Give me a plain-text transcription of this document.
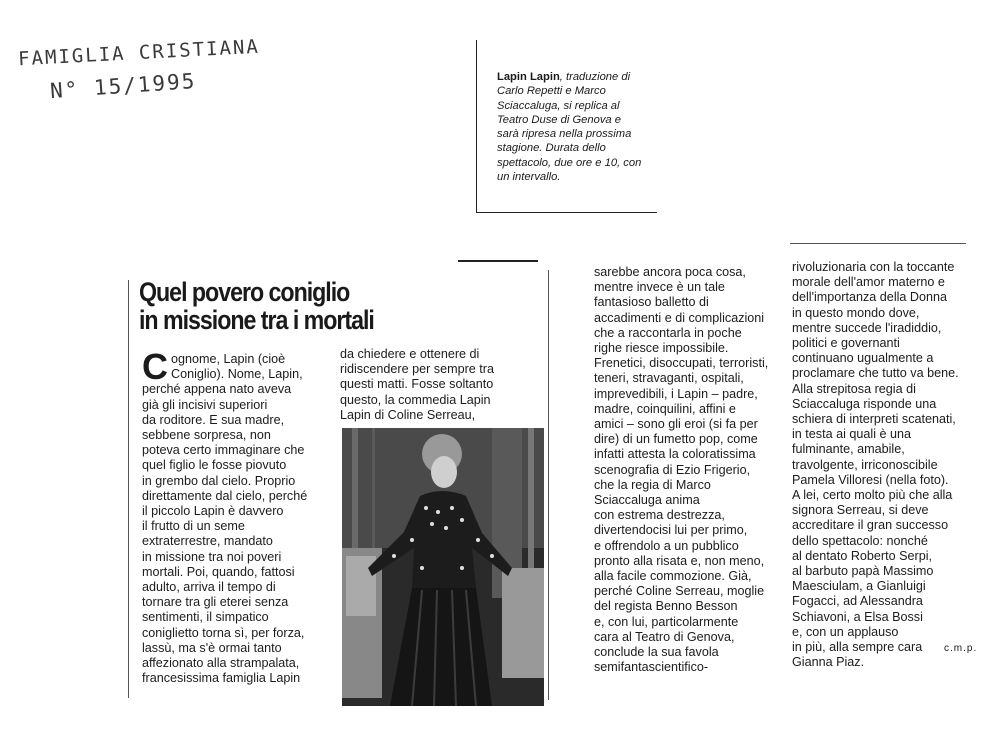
FAMIGLIA CRISTIANA
N° 15/1995	Lapin Lapin, traduzione di Carlo Repetti e Marco Sciaccaluga, si replica al Teatro Duse di Genova e sarà ripresa nella prossima stagione. Durata dello spettacolo, due ore e 10, con un intervallo.
Quel povero coniglio
in missione tra i mortali
C ognome, Lapin (cioè
Coniglio). Nome, Lapin,
perché appena nato aveva
già gli incisivi superiori
da roditore. E sua madre,
sebbene sorpresa, non
poteva certo immaginare che
quel figlio le fosse piovuto
in grembo dal cielo. Proprio
direttamente dal cielo, perché
il piccolo Lapin è davvero
il frutto di un seme
extraterrestre, mandato
in missione tra noi poveri
mortali. Poi, quando, fattosi
adulto, arriva il tempo di
tornare tra gli eterei senza
sentimenti, il simpatico
coniglietto torna sì, per forza,
lassù, ma s'è ormai tanto
affezionato alla strampalata,
francesissima famiglia Lapin
da chiedere e ottenere di
ridiscendere per sempre tra
questi matti. Fosse soltanto
questo, la commedia Lapin
Lapin di Coline Serreau,
sarebbe ancora poca cosa,
mentre invece è un tale
fantasioso balletto di
accadimenti e di complicazioni
che a raccontarla in poche
righe riesce impossibile.
Frenetici, disoccupati, terroristi,
teneri, stravaganti, ospitali,
imprevedibili, i Lapin – padre,
madre, coinquilini, affini e
amici – sono gli eroi (si fa per
dire) di un fumetto pop, come
infatti attesta la coloratissima
scenografia di Ezio Frigerio,
che la regia di Marco
Sciaccaluga anima
con estrema destrezza,
divertendocisi lui per primo,
e offrendolo a un pubblico
pronto alla risata e, non meno,
alla facile commozione. Già,
perché Coline Serreau, moglie
del regista Benno Besson
e, con lui, particolarmente
cara al Teatro di Genova,
conclude la sua favola
semifantascientifico-
rivoluzionaria con la toccante
morale dell'amor materno e
dell'importanza della Donna
in questo mondo dove,
mentre succede l'iradiddio,
politici e governanti
continuano ugualmente a
proclamare che tutto va bene.
Alla strepitosa regia di
Sciaccaluga risponde una
schiera di interpreti scatenati,
in testa ai quali è una
fulminante, amabile,
travolgente, irriconoscibile
Pamela Villoresi (nella foto).
A lei, certo molto più che alla
signora Serreau, si deve
accreditare il gran successo
dello spettacolo: nonché
al dentato Roberto Serpi,
al barbuto papà Massimo
Maesciulam, a Gianluigi
Fogacci, ad Alessandra
Schiavoni, a Elsa Bossi
e, con un applauso
in più, alla sempre cara
Gianna Piaz.
c.m.p.
